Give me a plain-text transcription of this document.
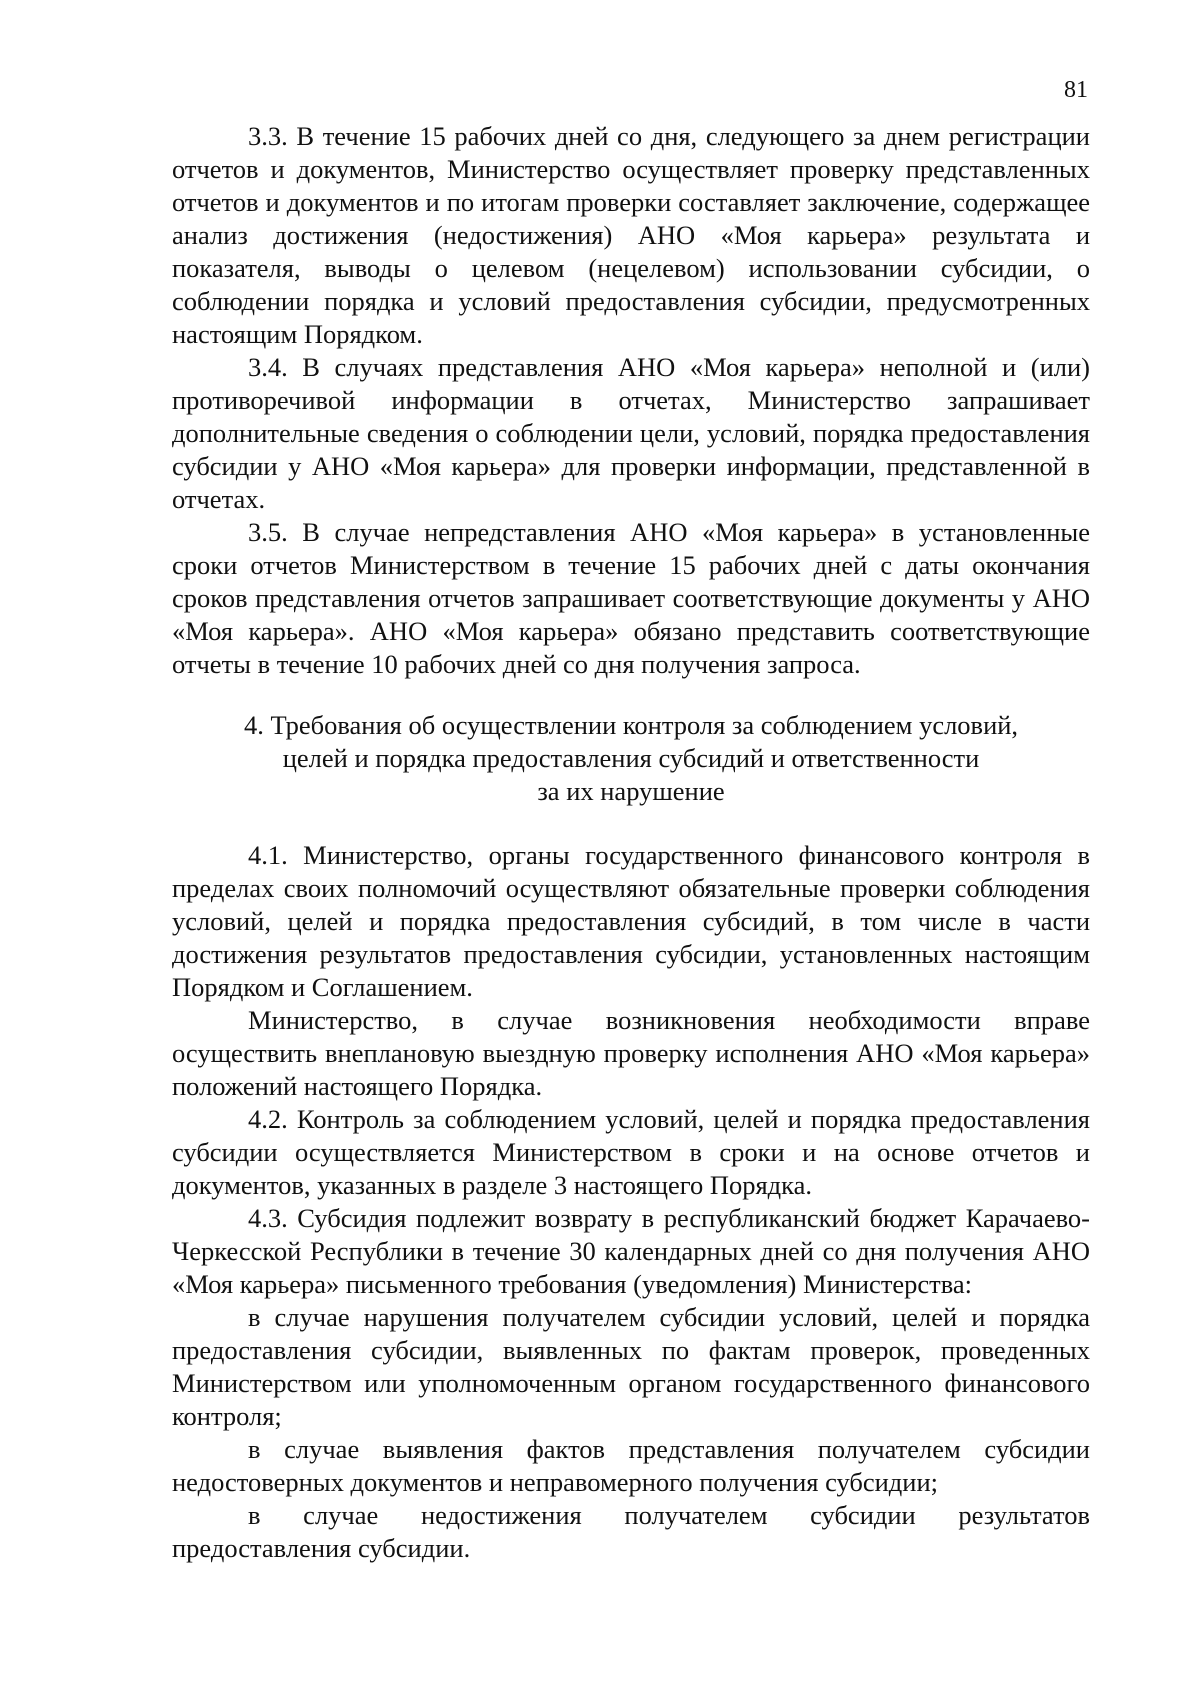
81

3.3. В течение 15 рабочих дней со дня, следующего за днем регистрации отчетов и документов, Министерство осуществляет проверку представленных отчетов и документов и по итогам проверки составляет заключение, содержащее анализ достижения (недостижения) АНО «Моя карьера» результата и показателя, выводы о целевом (нецелевом) использовании субсидии, о соблюдении порядка и условий предоставления субсидии, предусмотренных настоящим Порядком.

3.4. В случаях представления АНО «Моя карьера» неполной и (или) противоречивой информации в отчетах, Министерство запрашивает дополнительные сведения о соблюдении цели, условий, порядка предоставления субсидии у АНО «Моя карьера» для проверки информации, представленной в отчетах.

3.5. В случае непредставления АНО «Моя карьера» в установленные сроки отчетов Министерством в течение 15 рабочих дней с даты окончания сроков представления отчетов запрашивает соответствующие документы у АНО «Моя карьера». АНО «Моя карьера» обязано представить соответствующие отчеты в течение 10 рабочих дней со дня получения запроса.

4. Требования об осуществлении контроля за соблюдением условий,
целей и порядка предоставления субсидий и ответственности
за их нарушение

4.1. Министерство, органы государственного финансового контроля в пределах своих полномочий осуществляют обязательные проверки соблюдения условий, целей и порядка предоставления субсидий, в том числе в части достижения результатов предоставления субсидии, установленных настоящим Порядком и Соглашением.

Министерство, в случае возникновения необходимости вправе осуществить внеплановую выездную проверку исполнения АНО «Моя карьера» положений настоящего Порядка.

4.2. Контроль за соблюдением условий, целей и порядка предоставления субсидии осуществляется Министерством в сроки и на основе отчетов и документов, указанных в разделе 3 настоящего Порядка.

4.3. Субсидия подлежит возврату в республиканский бюджет Карачаево-Черкесской Республики в течение 30 календарных дней со дня получения АНО «Моя карьера» письменного требования (уведомления) Министерства:

в случае нарушения получателем субсидии условий, целей и порядка предоставления субсидии, выявленных по фактам проверок, проведенных Министерством или уполномоченным органом государственного финансового контроля;

в случае выявления фактов представления получателем субсидии недостоверных документов и неправомерного получения субсидии;

в случае недостижения получателем субсидии результатов предоставления субсидии.
